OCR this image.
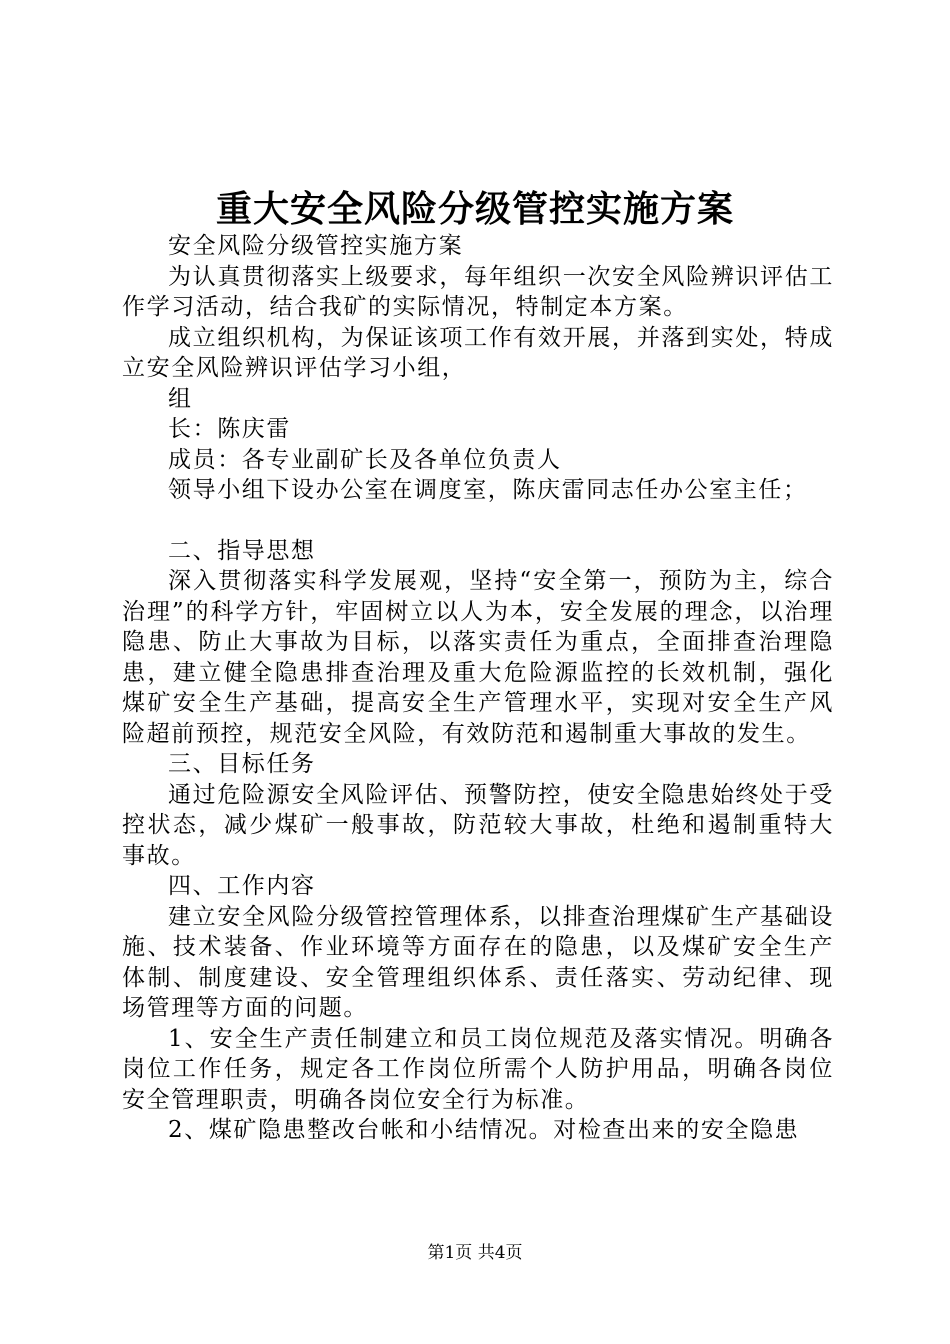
重大安全风险分级管控实施方案

安全风险分级管控实施方案

为认真贯彻落实上级要求，每年组织一次安全风险辨识评估工作学习活动，结合我矿的实际情况，特制定本方案。

成立组织机构，为保证该项工作有效开展，并落到实处，特成立安全风险辨识评估学习小组，

组

长：陈庆雷

成员：各专业副矿长及各单位负责人

领导小组下设办公室在调度室，陈庆雷同志任办公室主任；

二、指导思想

深入贯彻落实科学发展观，坚持“安全第一，预防为主，综合治理”的科学方针，牢固树立以人为本，安全发展的理念，以治理隐患、防止大事故为目标，以落实责任为重点，全面排查治理隐患，建立健全隐患排查治理及重大危险源监控的长效机制，强化煤矿安全生产基础，提高安全生产管理水平，实现对安全生产风险超前预控，规范安全风险，有效防范和遏制重大事故的发生。

三、目标任务

通过危险源安全风险评估、预警防控，使安全隐患始终处于受控状态，减少煤矿一般事故，防范较大事故，杜绝和遏制重特大事故。

四、工作内容

建立安全风险分级管控管理体系，以排查治理煤矿生产基础设施、技术装备、作业环境等方面存在的隐患，以及煤矿安全生产体制、制度建设、安全管理组织体系、责任落实、劳动纪律、现场管理等方面的问题。

1、安全生产责任制建立和员工岗位规范及落实情况。明确各岗位工作任务，规定各工作岗位所需个人防护用品，明确各岗位安全管理职责，明确各岗位安全行为标准。

2、煤矿隐患整改台帐和小结情况。对检查出来的安全隐患

第1页 共4页
